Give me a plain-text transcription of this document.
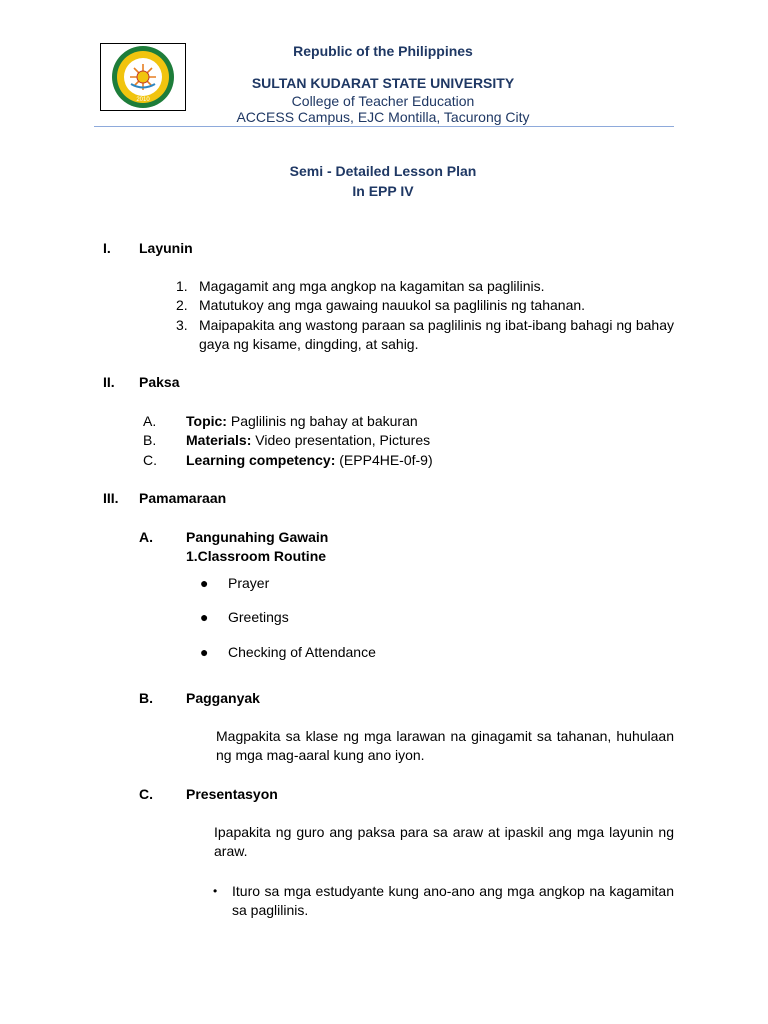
2010
Republic of the Philippines
SULTAN KUDARAT STATE UNIVERSITY
College of Teacher Education
ACCESS Campus, EJC Montilla, Tacurong City
Semi - Detailed Lesson Plan
In EPP IV
I. Layunin
1. Magagamit ang mga angkop na kagamitan sa paglilinis.
2. Matutukoy ang mga gawaing nauukol sa paglilinis ng tahanan.
3. Maipapakita ang wastong paraan sa paglilinis ng ibat-ibang bahagi ng bahay gaya ng kisame, dingding, at sahig.
II. Paksa
A. Topic: Paglilinis ng bahay at bakuran
B. Materials: Video presentation, Pictures
C. Learning competency: (EPP4HE-0f-9)
III. Pamamaraan
A. Pangunahing Gawain
1.Classroom Routine
● Prayer
● Greetings
● Checking of Attendance
B. Pagganyak
Magpakita sa klase ng mga larawan na ginagamit sa tahanan, huhulaan ng mga mag-aaral kung ano iyon.
C. Presentasyon
Ipapakita ng guro ang paksa para sa araw at ipaskil ang mga layunin ng araw.
• Ituro sa mga estudyante kung ano-ano ang mga angkop na kagamitan sa paglilinis.
